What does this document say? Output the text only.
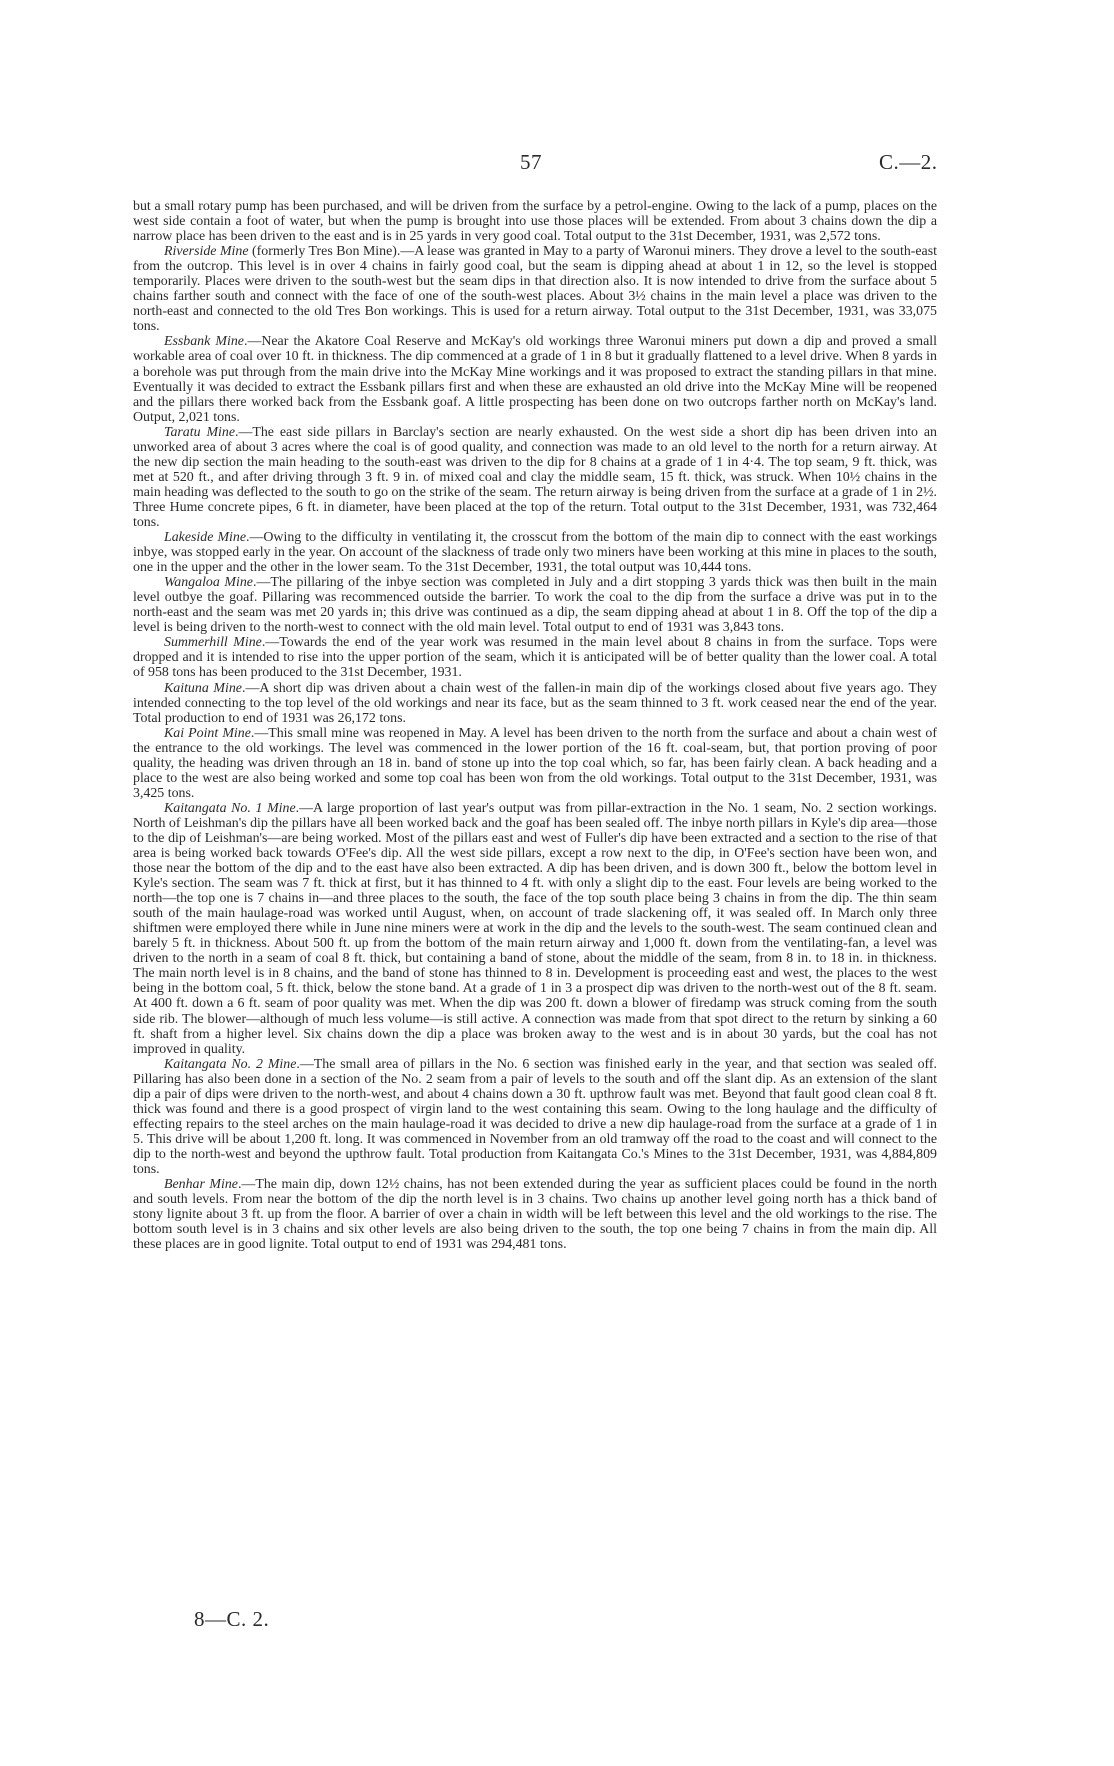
57	C.—2.

but a small rotary pump has been purchased, and will be driven from the surface by a petrol-engine. Owing to the lack of a pump, places on the west side contain a foot of water, but when the pump is brought into use those places will be extended. From about 3 chains down the dip a narrow place has been driven to the east and is in 25 yards in very good coal. Total output to the 31st December, 1931, was 2,572 tons.

Riverside Mine (formerly Tres Bon Mine).—A lease was granted in May to a party of Waronui miners. They drove a level to the south-east from the outcrop. This level is in over 4 chains in fairly good coal, but the seam is dipping ahead at about 1 in 12, so the level is stopped temporarily. Places were driven to the south-west but the seam dips in that direction also. It is now intended to drive from the surface about 5 chains farther south and connect with the face of one of the south-west places. About 3½ chains in the main level a place was driven to the north-east and connected to the old Tres Bon workings. This is used for a return airway. Total output to the 31st December, 1931, was 33,075 tons.

Essbank Mine.—Near the Akatore Coal Reserve and McKay's old workings three Waronui miners put down a dip and proved a small workable area of coal over 10 ft. in thickness. The dip commenced at a grade of 1 in 8 but it gradually flattened to a level drive. When 8 yards in a borehole was put through from the main drive into the McKay Mine workings and it was proposed to extract the standing pillars in that mine. Eventually it was decided to extract the Essbank pillars first and when these are exhausted an old drive into the McKay Mine will be reopened and the pillars there worked back from the Essbank goaf. A little prospecting has been done on two outcrops farther north on McKay's land. Output, 2,021 tons.

Taratu Mine.—The east side pillars in Barclay's section are nearly exhausted. On the west side a short dip has been driven into an unworked area of about 3 acres where the coal is of good quality, and connection was made to an old level to the north for a return airway. At the new dip section the main heading to the south-east was driven to the dip for 8 chains at a grade of 1 in 4·4. The top seam, 9 ft. thick, was met at 520 ft., and after driving through 3 ft. 9 in. of mixed coal and clay the middle seam, 15 ft. thick, was struck. When 10½ chains in the main heading was deflected to the south to go on the strike of the seam. The return airway is being driven from the surface at a grade of 1 in 2½. Three Hume concrete pipes, 6 ft. in diameter, have been placed at the top of the return. Total output to the 31st December, 1931, was 732,464 tons.

Lakeside Mine.—Owing to the difficulty in ventilating it, the crosscut from the bottom of the main dip to connect with the east workings inbye, was stopped early in the year. On account of the slackness of trade only two miners have been working at this mine in places to the south, one in the upper and the other in the lower seam. To the 31st December, 1931, the total output was 10,444 tons.

Wangaloa Mine.—The pillaring of the inbye section was completed in July and a dirt stopping 3 yards thick was then built in the main level outbye the goaf. Pillaring was recommenced outside the barrier. To work the coal to the dip from the surface a drive was put in to the north-east and the seam was met 20 yards in; this drive was continued as a dip, the seam dipping ahead at about 1 in 8. Off the top of the dip a level is being driven to the north-west to connect with the old main level. Total output to end of 1931 was 3,843 tons.

Summerhill Mine.—Towards the end of the year work was resumed in the main level about 8 chains in from the surface. Tops were dropped and it is intended to rise into the upper portion of the seam, which it is anticipated will be of better quality than the lower coal. A total of 958 tons has been produced to the 31st December, 1931.

Kaituna Mine.—A short dip was driven about a chain west of the fallen-in main dip of the workings closed about five years ago. They intended connecting to the top level of the old workings and near its face, but as the seam thinned to 3 ft. work ceased near the end of the year. Total production to end of 1931 was 26,172 tons.

Kai Point Mine.—This small mine was reopened in May. A level has been driven to the north from the surface and about a chain west of the entrance to the old workings. The level was commenced in the lower portion of the 16 ft. coal-seam, but, that portion proving of poor quality, the heading was driven through an 18 in. band of stone up into the top coal which, so far, has been fairly clean. A back heading and a place to the west are also being worked and some top coal has been won from the old workings. Total output to the 31st December, 1931, was 3,425 tons.

Kaitangata No. 1 Mine.—A large proportion of last year's output was from pillar-extraction in the No. 1 seam, No. 2 section workings. North of Leishman's dip the pillars have all been worked back and the goaf has been sealed off. The inbye north pillars in Kyle's dip area—those to the dip of Leishman's—are being worked. Most of the pillars east and west of Fuller's dip have been extracted and a section to the rise of that area is being worked back towards O'Fee's dip. All the west side pillars, except a row next to the dip, in O'Fee's section have been won, and those near the bottom of the dip and to the east have also been extracted. A dip has been driven, and is down 300 ft., below the bottom level in Kyle's section. The seam was 7 ft. thick at first, but it has thinned to 4 ft. with only a slight dip to the east. Four levels are being worked to the north—the top one is 7 chains in—and three places to the south, the face of the top south place being 3 chains in from the dip. The thin seam south of the main haulage-road was worked until August, when, on account of trade slackening off, it was sealed off. In March only three shiftmen were employed there while in June nine miners were at work in the dip and the levels to the south-west. The seam continued clean and barely 5 ft. in thickness. About 500 ft. up from the bottom of the main return airway and 1,000 ft. down from the ventilating-fan, a level was driven to the north in a seam of coal 8 ft. thick, but containing a band of stone, about the middle of the seam, from 8 in. to 18 in. in thickness. The main north level is in 8 chains, and the band of stone has thinned to 8 in. Development is proceeding east and west, the places to the west being in the bottom coal, 5 ft. thick, below the stone band. At a grade of 1 in 3 a prospect dip was driven to the north-west out of the 8 ft. seam. At 400 ft. down a 6 ft. seam of poor quality was met. When the dip was 200 ft. down a blower of firedamp was struck coming from the south side rib. The blower—although of much less volume—is still active. A connection was made from that spot direct to the return by sinking a 60 ft. shaft from a higher level. Six chains down the dip a place was broken away to the west and is in about 30 yards, but the coal has not improved in quality.

Kaitangata No. 2 Mine.—The small area of pillars in the No. 6 section was finished early in the year, and that section was sealed off. Pillaring has also been done in a section of the No. 2 seam from a pair of levels to the south and off the slant dip. As an extension of the slant dip a pair of dips were driven to the north-west, and about 4 chains down a 30 ft. upthrow fault was met. Beyond that fault good clean coal 8 ft. thick was found and there is a good prospect of virgin land to the west containing this seam. Owing to the long haulage and the difficulty of effecting repairs to the steel arches on the main haulage-road it was decided to drive a new dip haulage-road from the surface at a grade of 1 in 5. This drive will be about 1,200 ft. long. It was commenced in November from an old tramway off the road to the coast and will connect to the dip to the north-west and beyond the upthrow fault. Total production from Kaitangata Co.'s Mines to the 31st December, 1931, was 4,884,809 tons.

Benhar Mine.—The main dip, down 12½ chains, has not been extended during the year as sufficient places could be found in the north and south levels. From near the bottom of the dip the north level is in 3 chains. Two chains up another level going north has a thick band of stony lignite about 3 ft. up from the floor. A barrier of over a chain in width will be left between this level and the old workings to the rise. The bottom south level is in 3 chains and six other levels are also being driven to the south, the top one being 7 chains in from the main dip. All these places are in good lignite. Total output to end of 1931 was 294,481 tons.

8—C. 2.
